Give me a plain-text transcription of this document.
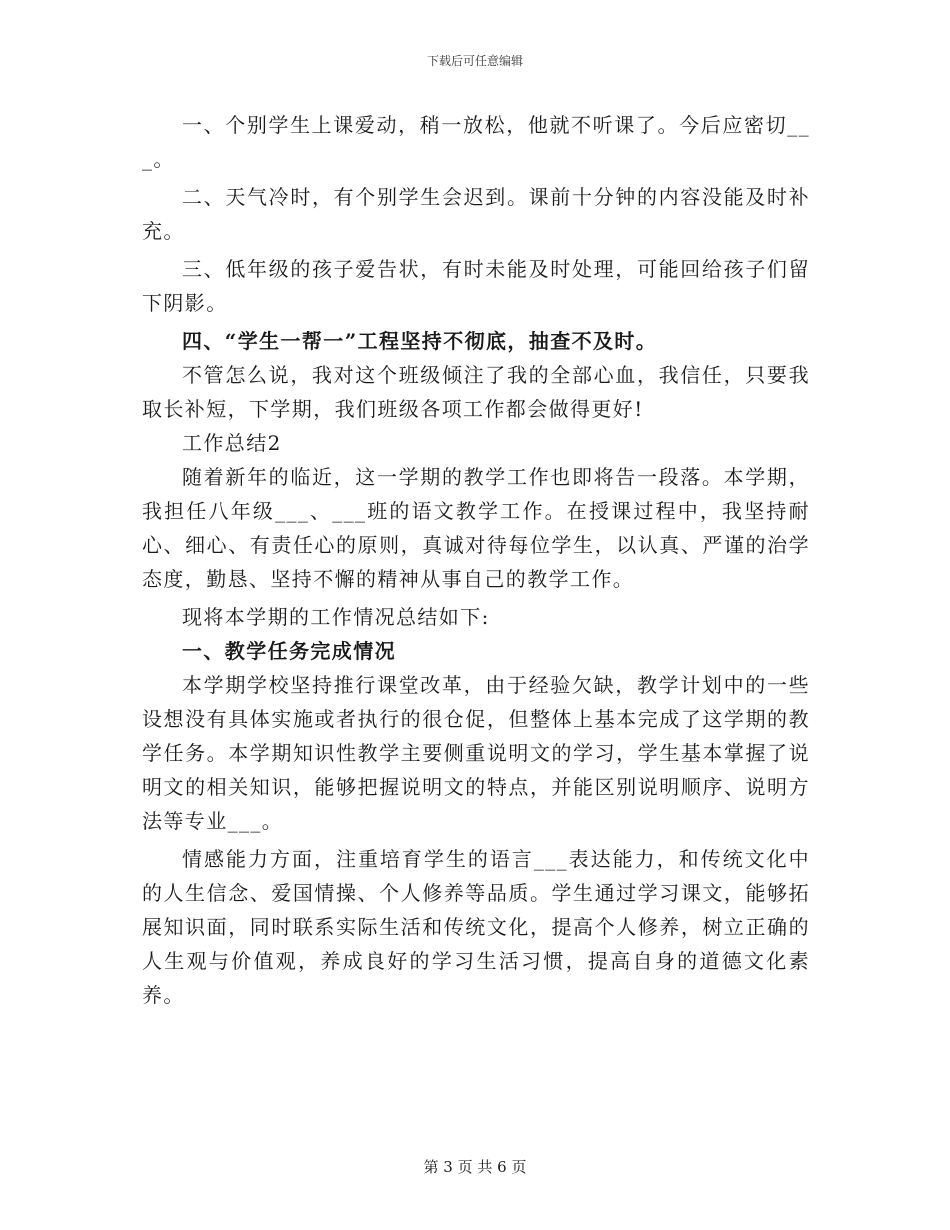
下载后可任意编辑

一、个别学生上课爱动，稍一放松，他就不听课了。今后应密切___。

二、天气冷时，有个别学生会迟到。课前十分钟的内容没能及时补充。

三、低年级的孩子爱告状，有时未能及时处理，可能回给孩子们留下阴影。

四、“学生一帮一”工程坚持不彻底，抽查不及时。

不管怎么说，我对这个班级倾注了我的全部心血，我信任，只要我取长补短，下学期，我们班级各项工作都会做得更好!

工作总结2

随着新年的临近，这一学期的教学工作也即将告一段落。本学期，我担任八年级___、___班的语文教学工作。在授课过程中，我坚持耐心、细心、有责任心的原则，真诚对待每位学生，以认真、严谨的治学态度，勤恳、坚持不懈的精神从事自己的教学工作。

现将本学期的工作情况总结如下:

一、教学任务完成情况

本学期学校坚持推行课堂改革，由于经验欠缺，教学计划中的一些设想没有具体实施或者执行的很仓促，但整体上基本完成了这学期的教学任务。本学期知识性教学主要侧重说明文的学习，学生基本掌握了说明文的相关知识，能够把握说明文的特点，并能区别说明顺序、说明方法等专业___。

情感能力方面，注重培育学生的语言___表达能力，和传统文化中的人生信念、爱国情操、个人修养等品质。学生通过学习课文，能够拓展知识面，同时联系实际生活和传统文化，提高个人修养，树立正确的人生观与价值观，养成良好的学习生活习惯，提高自身的道德文化素养。

第 3 页 共 6 页
